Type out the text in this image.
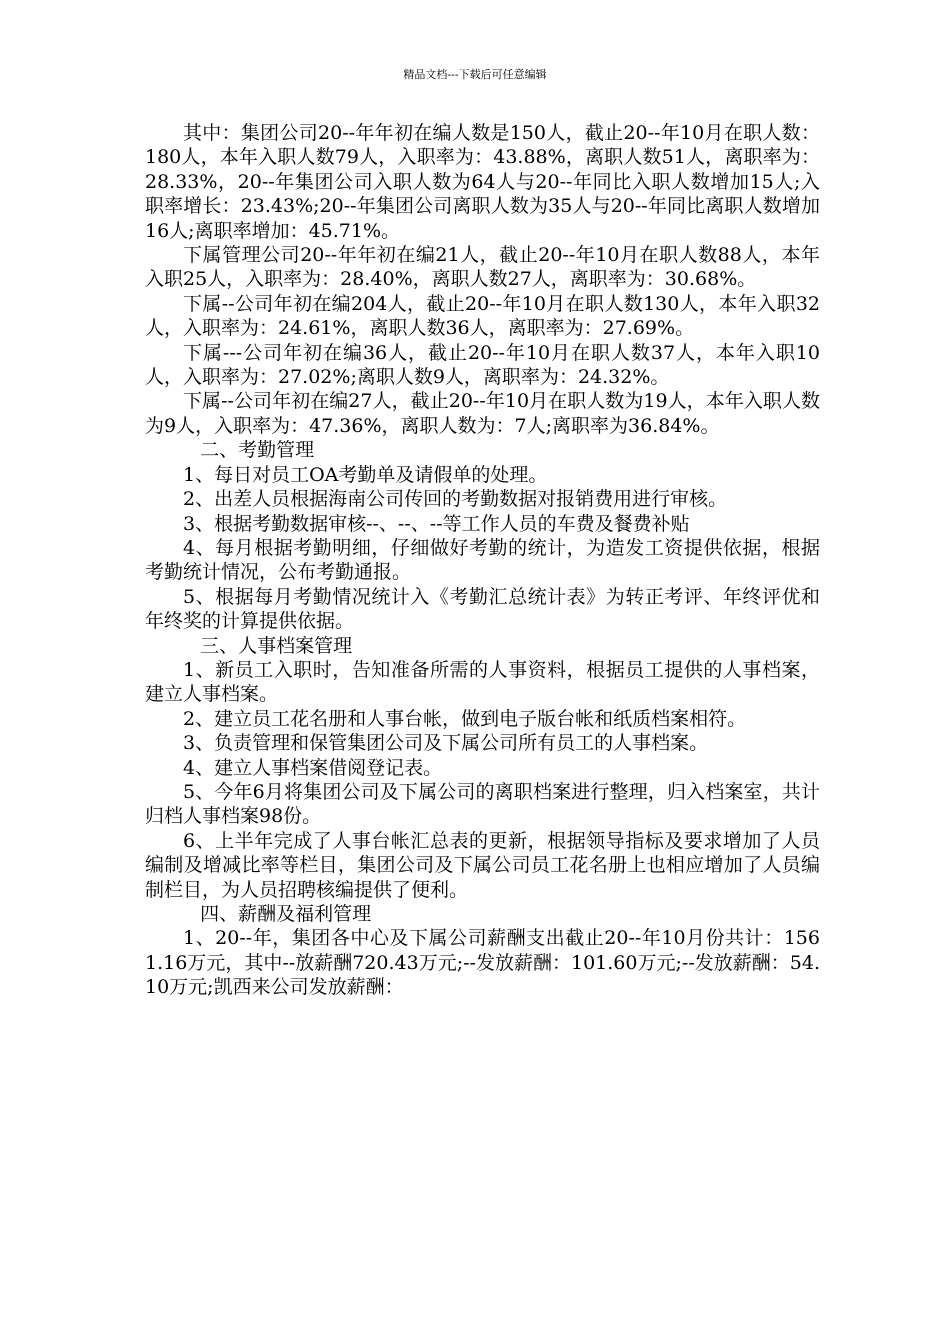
精品文档---下载后可任意编辑

其中：集团公司20--年年初在编人数是150人，截止20--年10月在职人数：180人，本年入职人数79人，入职率为：43.88%，离职人数51人，离职率为：28.33%，20--年集团公司入职人数为64人与20--年同比入职人数增加15人;入职率增长：23.43%;20--年集团公司离职人数为35人与20--年同比离职人数增加16人;离职率增加：45.71%。

下属管理公司20--年年初在编21人，截止20--年10月在职人数88人，本年入职25人，入职率为：28.40%，离职人数27人，离职率为：30.68%。

下属--公司年初在编204人，截止20--年10月在职人数130人，本年入职32人，入职率为：24.61%，离职人数36人，离职率为：27.69%。

下属---公司年初在编36人，截止20--年10月在职人数37人，本年入职10人，入职率为：27.02%;离职人数9人，离职率为：24.32%。

下属--公司年初在编27人，截止20--年10月在职人数为19人，本年入职人数为9人，入职率为：47.36%，离职人数为：7人;离职率为36.84%。

二、考勤管理

1、每日对员工OA考勤单及请假单的处理。

2、出差人员根据海南公司传回的考勤数据对报销费用进行审核。

3、根据考勤数据审核--、--、--等工作人员的车费及餐费补贴

4、每月根据考勤明细，仔细做好考勤的统计，为造发工资提供依据，根据考勤统计情况，公布考勤通报。

5、根据每月考勤情况统计入《考勤汇总统计表》为转正考评、年终评优和年终奖的计算提供依据。

三、人事档案管理

1、新员工入职时，告知准备所需的人事资料，根据员工提供的人事档案，建立人事档案。

2、建立员工花名册和人事台帐，做到电子版台帐和纸质档案相符。

3、负责管理和保管集团公司及下属公司所有员工的人事档案。

4、建立人事档案借阅登记表。

5、今年6月将集团公司及下属公司的离职档案进行整理，归入档案室，共计归档人事档案98份。

6、上半年完成了人事台帐汇总表的更新，根据领导指标及要求增加了人员编制及增减比率等栏目，集团公司及下属公司员工花名册上也相应增加了人员编制栏目，为人员招聘核编提供了便利。

四、薪酬及福利管理

1、20--年，集团各中心及下属公司薪酬支出截止20--年10月份共计：1561.16万元，其中--放薪酬720.43万元;--发放薪酬：101.60万元;--发放薪酬：54.10万元;凯西来公司发放薪酬：
